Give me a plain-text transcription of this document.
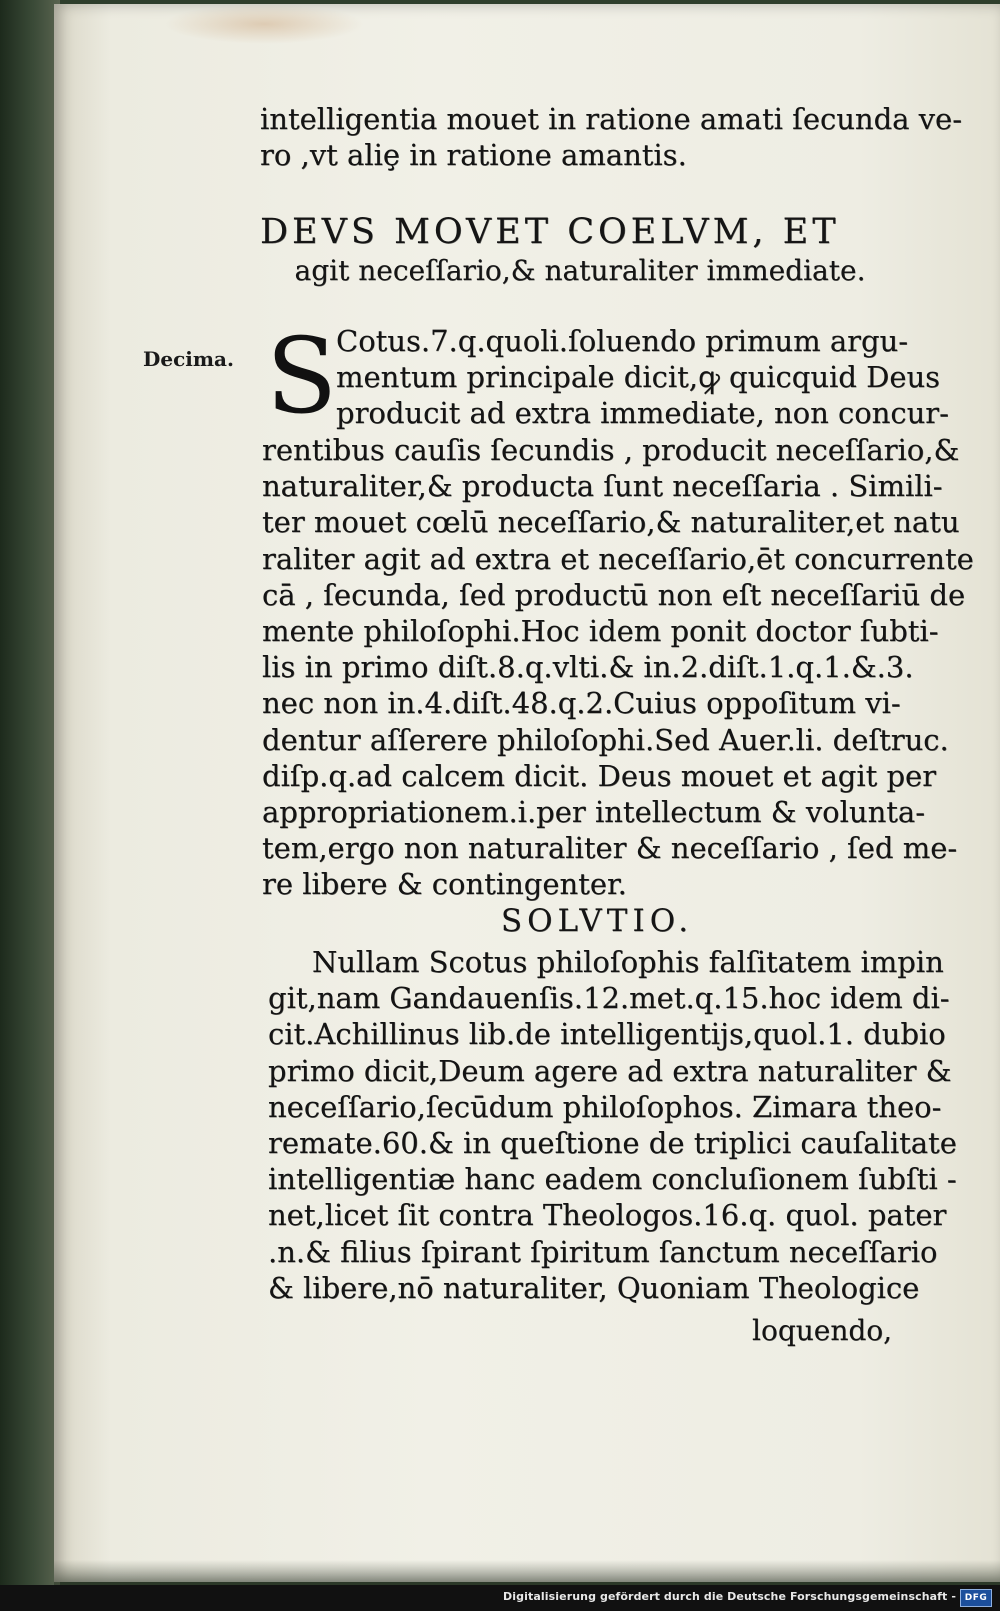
intelligentia mouet in ratione amati ſecunda ve-
ro ,vt aliȩ in ratione amantis.
DEVS MOVET COELVM, ET
agit neceſſario,& naturaliter immediate.
Decima. S
Cotus.7.q.quoli.ſoluendo primum argu-
mentum principale dicit,ꝙ quicquid Deus
producit ad extra immediate, non concur-
rentibus cauſis ſecundis , producit neceſſario,&
naturaliter,& producta ſunt neceſſaria . Simili-
ter mouet cœlū neceſſario,& naturaliter,et natu
raliter agit ad extra et neceſſario,ēt concurrente
cā , ſecunda, ſed productū non eſt neceſſariū de
mente philoſophi.Hoc idem ponit doctor ſubti-
lis in primo diſt.8.q.vlti.& in.2.diſt.1.q.1.&.3.
nec non in.4.diſt.48.q.2.Cuius oppoſitum vi-
dentur aſſerere philoſophi.Sed Auer.li. deſtruc.
diſp.q.ad calcem dicit. Deus mouet et agit per
appropriationem.i.per intellectum & volunta-
tem,ergo non naturaliter & neceſſario , ſed me-
re libere & contingenter.
SOLVTIO.
Nullam Scotus philoſophis falſitatem impin
git,nam Gandauenſis.12.met.q.15.hoc idem di-
cit.Achillinus lib.de intelligentijs,quol.1. dubio
primo dicit,Deum agere ad extra naturaliter &
neceſſario,ſecūdum philoſophos. Zimara theo-
remate.60.& in queſtione de triplici cauſalitate
intelligentiæ hanc eadem concluſionem ſubſti -
net,licet ſit contra Theologos.16.q. quol. pater
.n.& filius ſpirant ſpiritum ſanctum neceſſario
& libere,nō naturaliter, Quoniam Theologice
loquendo,
Digitalisierung gefördert durch die Deutsche Forschungsgemeinschaft - DFG
